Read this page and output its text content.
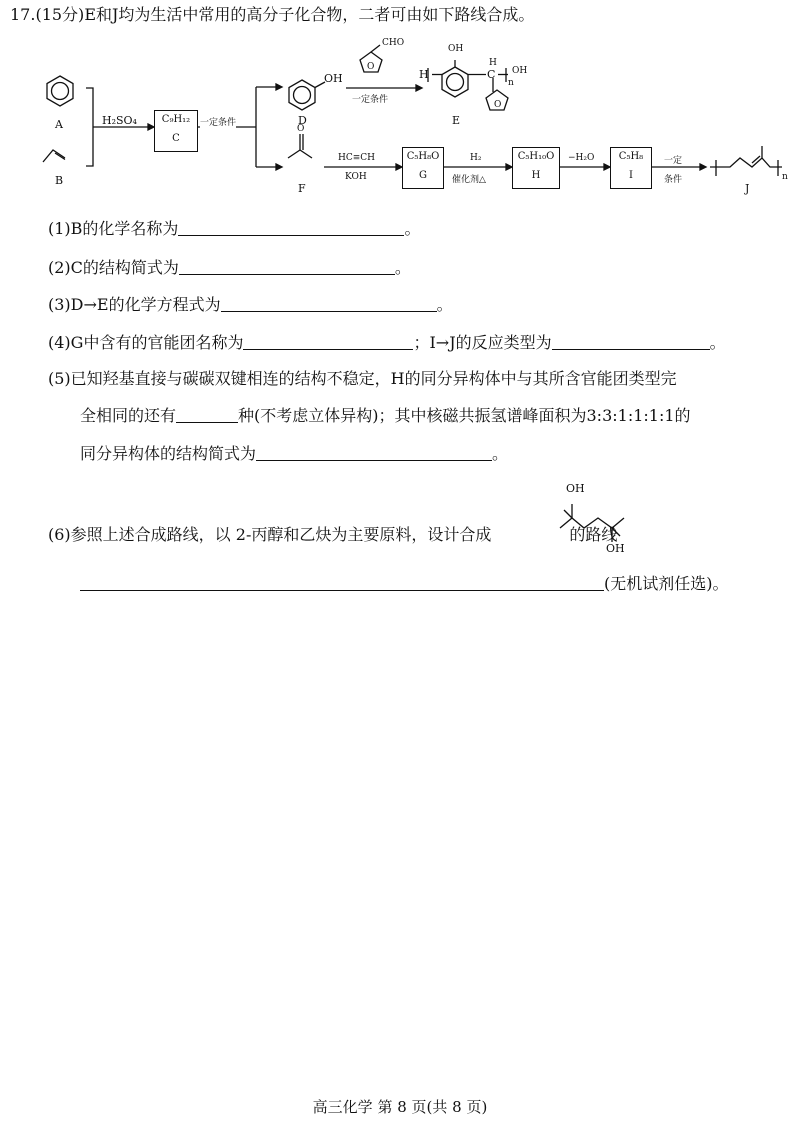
17.(15分)E和J均为生活中常用的高分子化合物，二者可由如下路线合成。
A
B
H₂SO₄	C₉H₁₂
C
一定条件
OH
D
CHO
O
一定条件
H
OH
H
C
n
OH
O
E
O
F
HC≡CH
KOH
C₅H₈O
G
H₂
催化剂△
C₅H₁₀O
H
−H₂O	C₅H₈
I
一定
条件	n
J
(1)B的化学名称为	。
(2)C的结构简式为	。
(3)D→E的化学方程式为	。
(4)G中含有的官能团名称为	；I→J的反应类型为	。
(5)已知羟基直接与碳碳双键相连的结构不稳定，H的同分异构体中与其所含官能团类型完
全相同的还有	种(不考虑立体异构)；其中核磁共振氢谱峰面积为3:3:1:1:1:1的
同分异构体的结构简式为	。
(6)参照上述合成路线，以 2-丙醇和乙炔为主要原料，设计合成	的路线
OH
OH
(无机试剂任选)。
高三化学 第 8 页(共 8 页)
